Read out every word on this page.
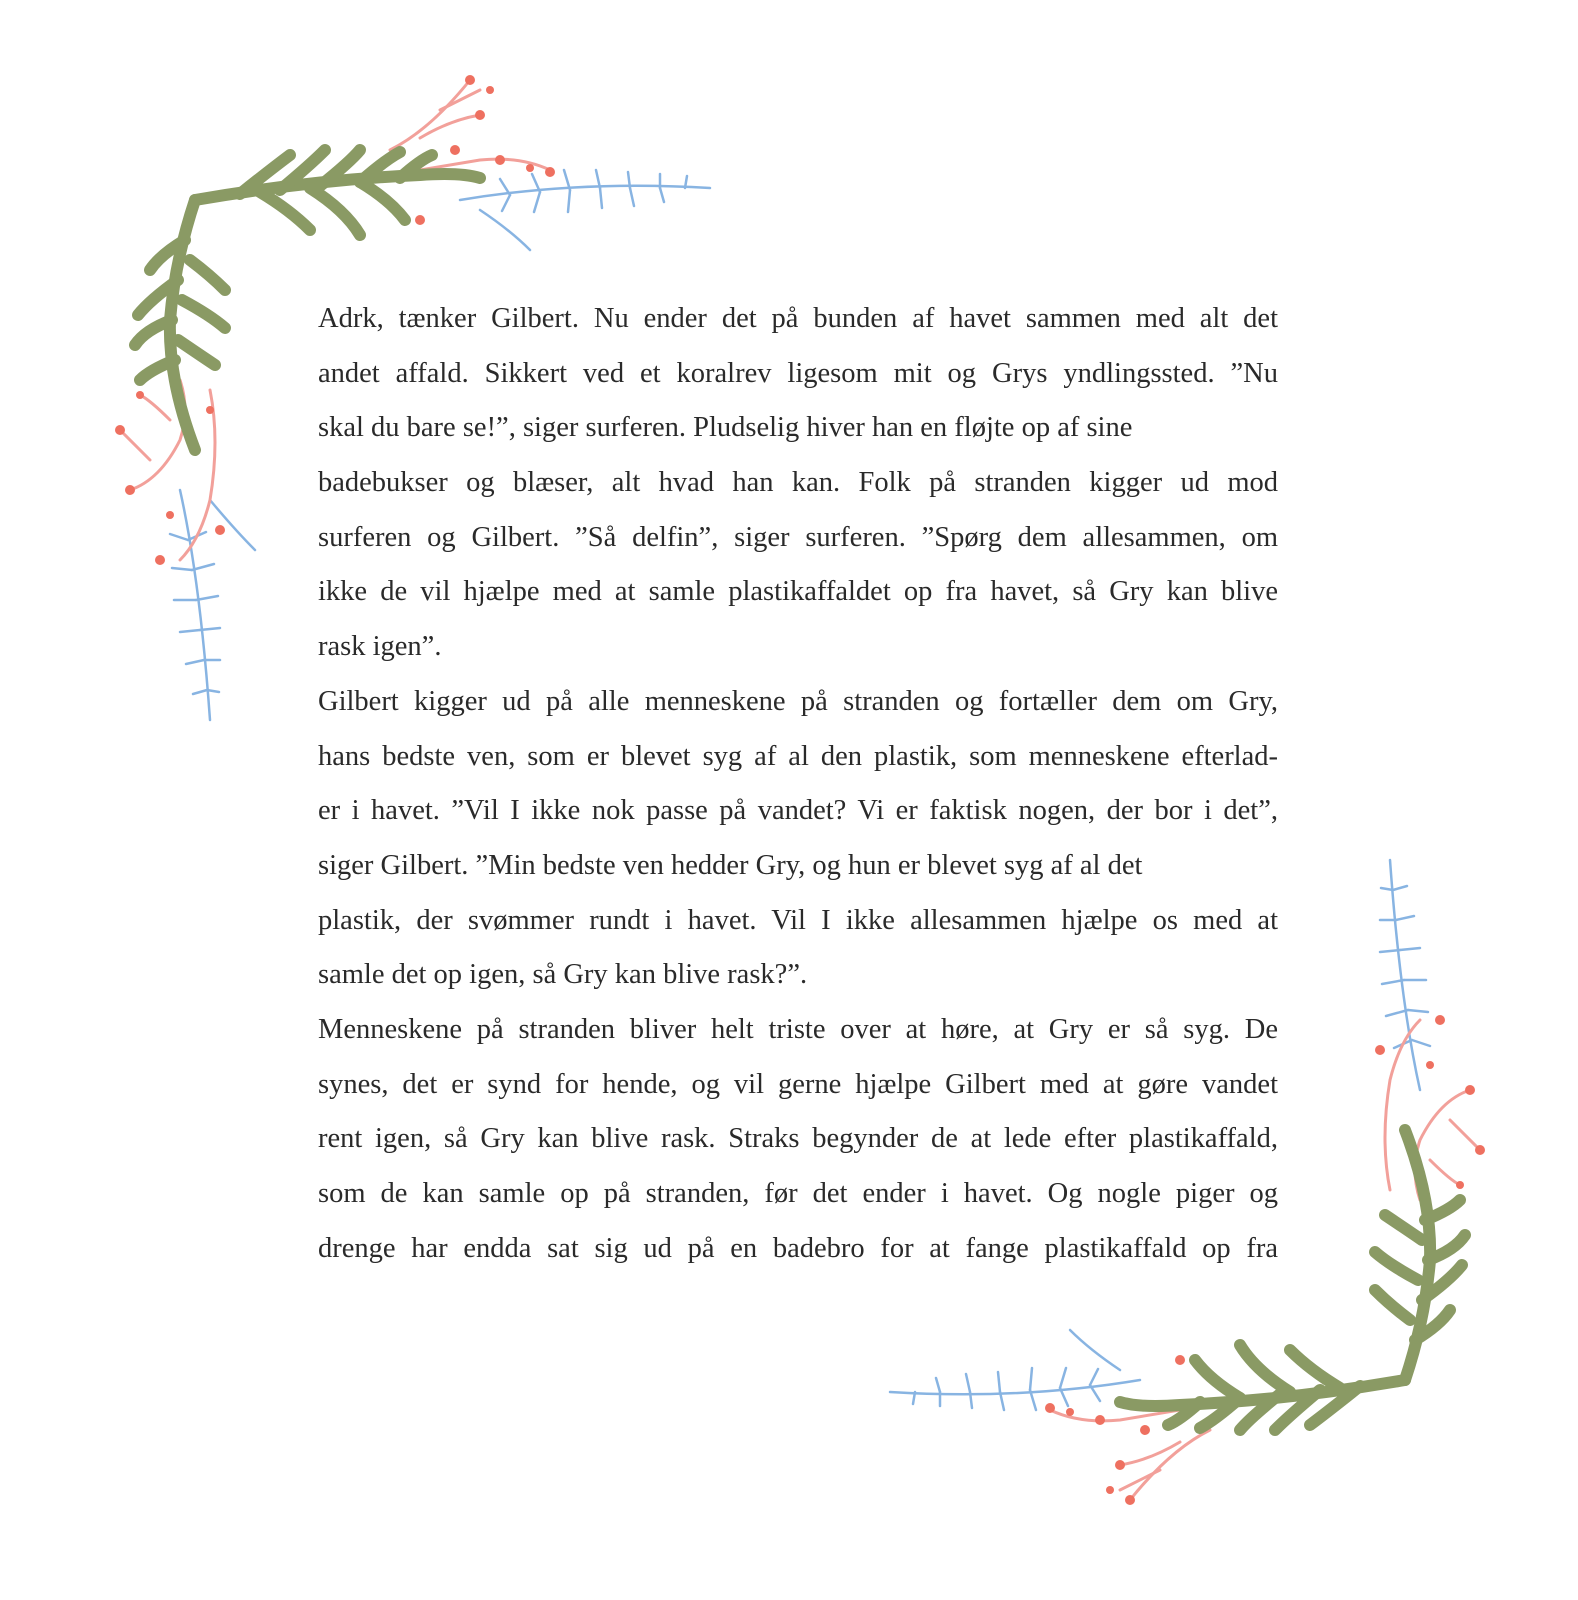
Adrk, tænker Gilbert. Nu ender det på bunden af havet sammen med alt det
andet affald. Sikkert ved et koralrev ligesom mit og Grys yndlingssted. ”Nu
skal du bare se!”, siger surferen. Pludselig hiver han en fløjte op af sine
badebukser og blæser, alt hvad han kan. Folk på stranden kigger ud mod
surferen og Gilbert. ”Så delfin”, siger surferen. ”Spørg dem allesammen, om
ikke de vil hjælpe med at samle plastikaffaldet op fra havet, så Gry kan blive
rask igen”.
Gilbert kigger ud på alle menneskene på stranden og fortæller dem om Gry,
hans bedste ven, som er blevet syg af al den plastik, som menneskene efterlad-
er i havet. ”Vil I ikke nok passe på vandet? Vi er faktisk nogen, der bor i det”,
siger Gilbert. ”Min bedste ven hedder Gry, og hun er blevet syg af al det
plastik, der svømmer rundt i havet. Vil I ikke allesammen hjælpe os med at
samle det op igen, så Gry kan blive rask?”.
Menneskene på stranden bliver helt triste over at høre, at Gry er så syg. De
synes, det er synd for hende, og vil gerne hjælpe Gilbert med at gøre vandet
rent igen, så Gry kan blive rask. Straks begynder de at lede efter plastikaffald,
som de kan samle op på stranden, før det ender i havet. Og nogle piger og
drenge har endda sat sig ud på en badebro for at fange plastikaffald op fra
